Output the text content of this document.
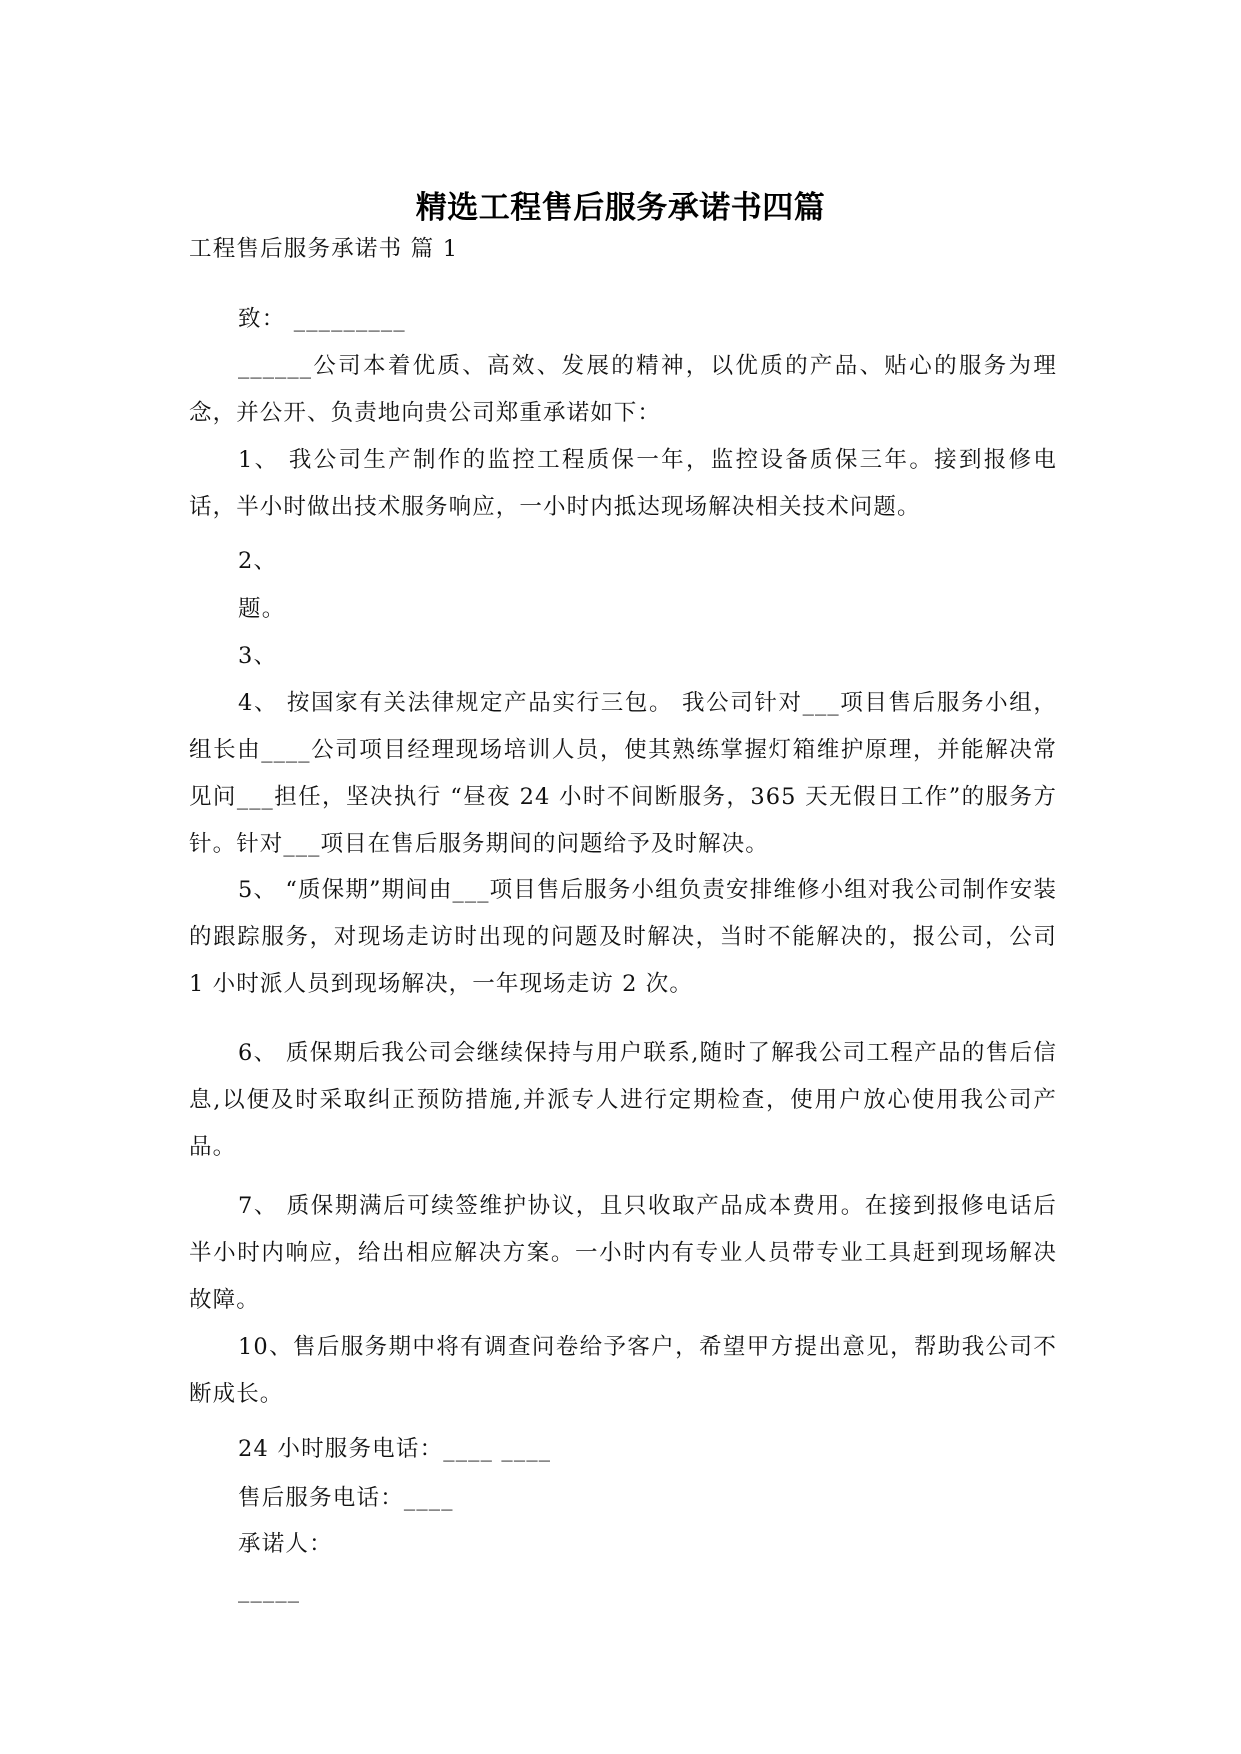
精选工程售后服务承诺书四篇
工程售后服务承诺书 篇 1
致： _________
______公司本着优质、高效、发展的精神，以优质的产品、贴心的服务为理念，并公开、负责地向贵公司郑重承诺如下：
1、 我公司生产制作的监控工程质保一年，监控设备质保三年。接到报修电话，半小时做出技术服务响应，一小时内抵达现场解决相关技术问题。
2、
题。
3、
4、 按国家有关法律规定产品实行三包。 我公司针对___项目售后服务小组，组长由____公司项目经理现场培训人员，使其熟练掌握灯箱维护原理，并能解决常见问___担任，坚决执行 “昼夜 24 小时不间断服务，365 天无假日工作”的服务方针。针对___项目在售后服务期间的问题给予及时解决。
5、 “质保期”期间由___项目售后服务小组负责安排维修小组对我公司制作安装的跟踪服务，对现场走访时出现的问题及时解决，当时不能解决的，报公司，公司 1 小时派人员到现场解决，一年现场走访 2 次。
6、 质保期后我公司会继续保持与用户联系,随时了解我公司工程产品的售后信息,以便及时采取纠正预防措施,并派专人进行定期检查，使用户放心使用我公司产品。
7、 质保期满后可续签维护协议，且只收取产品成本费用。在接到报修电话后半小时内响应，给出相应解决方案。一小时内有专业人员带专业工具赶到现场解决故障。
10、售后服务期中将有调查问卷给予客户，希望甲方提出意见，帮助我公司不断成长。
24 小时服务电话：____ ____
售后服务电话：____
承诺人：
_____
